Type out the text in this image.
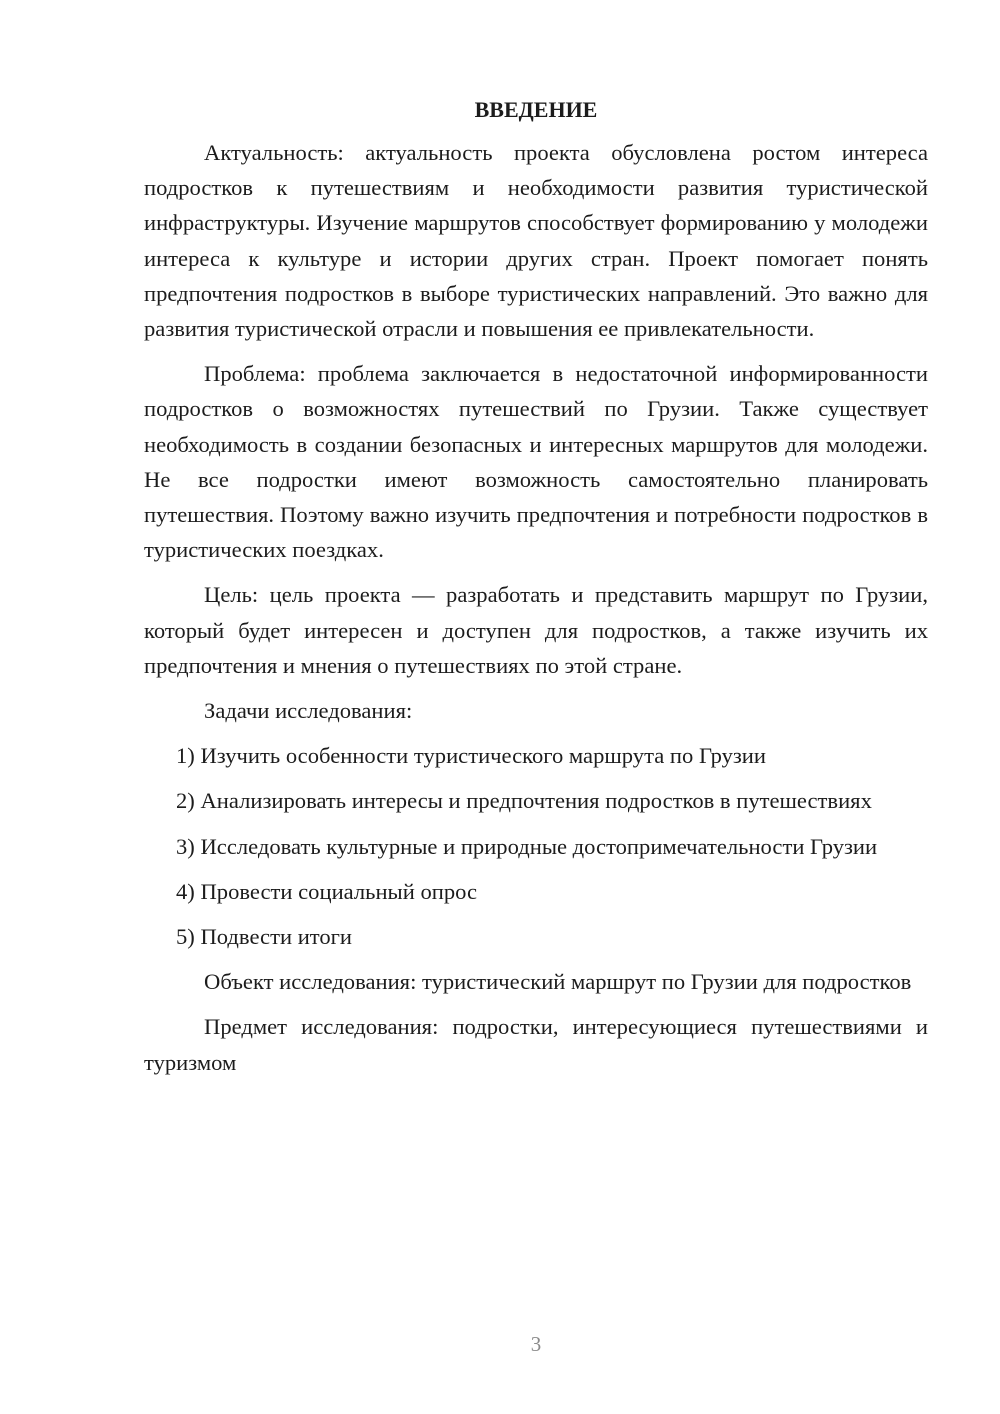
ВВЕДЕНИЕ

Актуальность: актуальность проекта обусловлена ростом интереса подростков к путешествиям и необходимости развития туристической инфраструктуры. Изучение маршрутов способствует формированию у молодежи интереса к культуре и истории других стран. Проект помогает понять предпочтения подростков в выборе туристических направлений. Это важно для развития туристической отрасли и повышения ее привлекательности.

Проблема: проблема заключается в недостаточной информированности подростков о возможностях путешествий по Грузии. Также существует необходимость в создании безопасных и интересных маршрутов для молодежи. Не все подростки имеют возможность самостоятельно планировать путешествия. Поэтому важно изучить предпочтения и потребности подростков в туристических поездках.

Цель: цель проекта — разработать и представить маршрут по Грузии, который будет интересен и доступен для подростков, а также изучить их предпочтения и мнения о путешествиях по этой стране.

Задачи исследования:

1) Изучить особенности туристического маршрута по Грузии

2) Анализировать интересы и предпочтения подростков в путешествиях

3) Исследовать культурные и природные достопримечательности Грузии

4) Провести социальный опрос

5) Подвести итоги

Объект исследования: туристический маршрут по Грузии для подростков

Предмет исследования: подростки, интересующиеся путешествиями и туризмом

3
